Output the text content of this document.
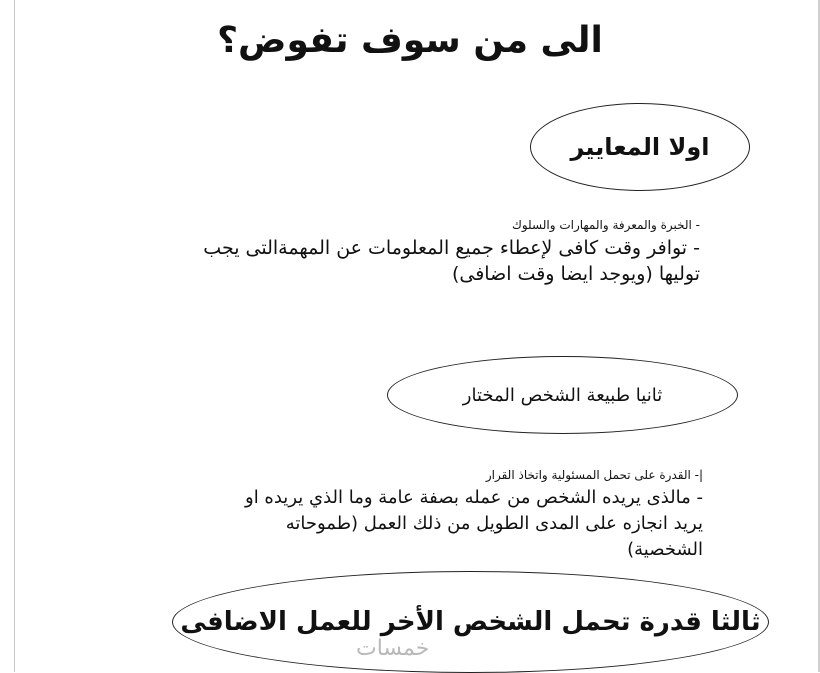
الى من سوف تفوض؟
اولا المعايير
- الخبرة والمعرفة والمهارات والسلوك
- توافر وقت كافى لإعطاء جميع المعلومات عن المهمةالتى يجب توليها (ويوجد ايضا وقت اضافى)
ثانيا طبيعة الشخص المختار
|- القدرة على تحمل المسئولية واتخاذ القرار
- مالذى يريده الشخص من عمله بصفة عامة وما الذي يريده او يريد انجازه على المدى الطويل من ذلك العمل (طموحاته الشخصية)
ثالثا قدرة تحمل الشخص الأخر للعمل الاضافى
خمسات
